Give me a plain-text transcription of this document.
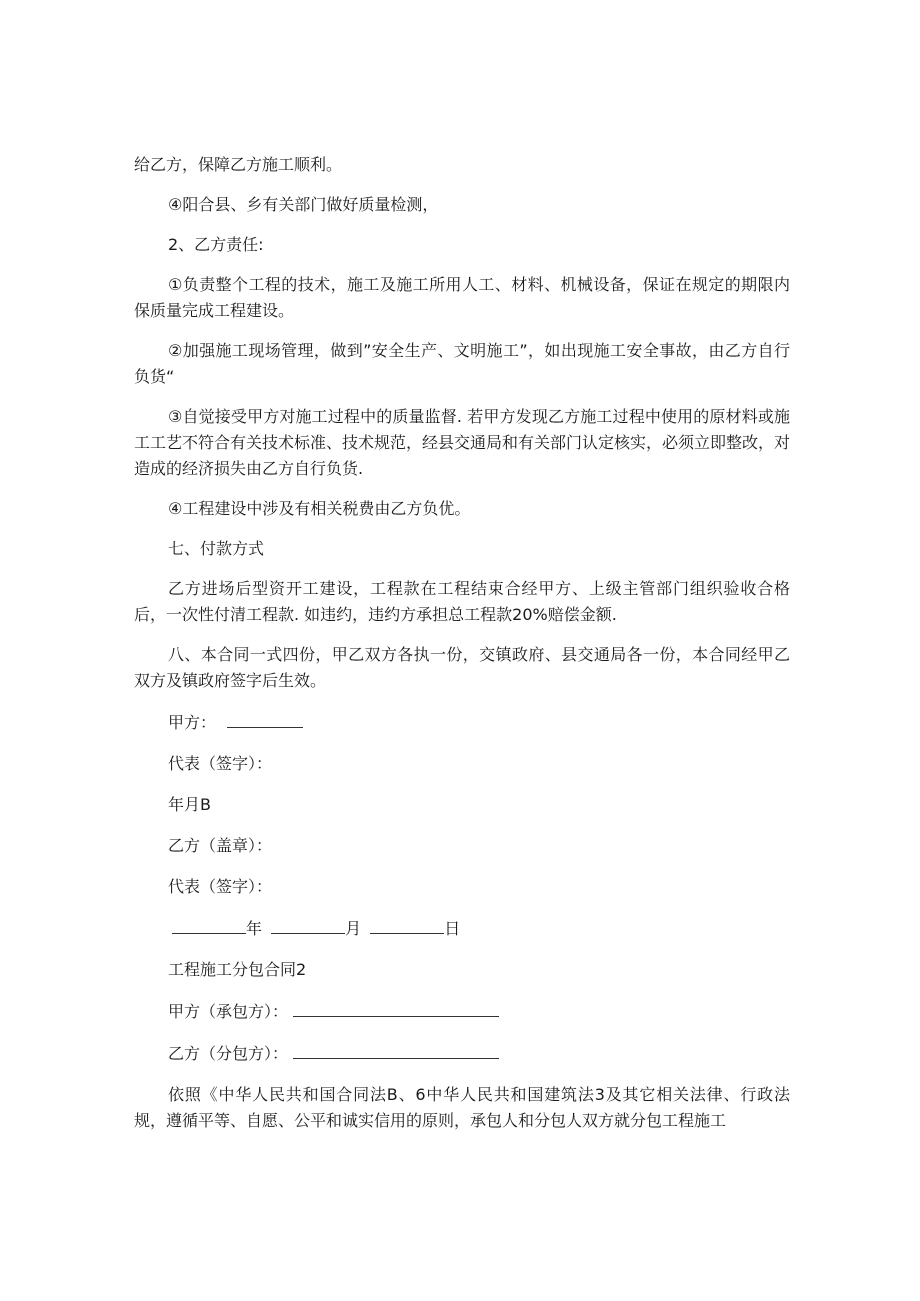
给乙方，保障乙方施工顺利。

④阳合县、乡有关部门做好质量检测，

2、乙方责任:

①负责整个工程的技术，施工及施工所用人工、材料、机械设备，保证在规定的期限内保质量完成工程建设。

②加强施工现场管理，做到”安全生产、文明施工”，如出现施工安全事故，由乙方自行负货“

③自觉接受甲方对施工过程中的质量监督. 若甲方发现乙方施工过程中使用的原材料或施工工艺不符合有关技术标准、技术规范，经县交通局和有关部门认定核实，必须立即整改，对造成的经济损失由乙方自行负货.

④工程建设中涉及有相关税费由乙方负优。

七、付款方式

乙方进场后型资开工建设，工程款在工程结束合经甲方、上级主管部门组织验收合格后，一次性付清工程款. 如违约，违约方承担总工程款20%赔偿金额.

八、本合同一式四份，甲乙双方各执一份，交镇政府、县交通局各一份，本合同经甲乙双方及镇政府签字后生效。

甲方：
代表（签字）：
年月B
乙方（盖章）：
代表（签字）：
年	月	日
工程施工分包合同2
甲方（承包方）：
乙方（分包方）：

依照《中华人民共和国合同法B、6中华人民共和国建筑法3及其它相关法律、行政法规，遵循平等、自愿、公平和诚实信用的原则，承包人和分包人双方就分包工程施工
